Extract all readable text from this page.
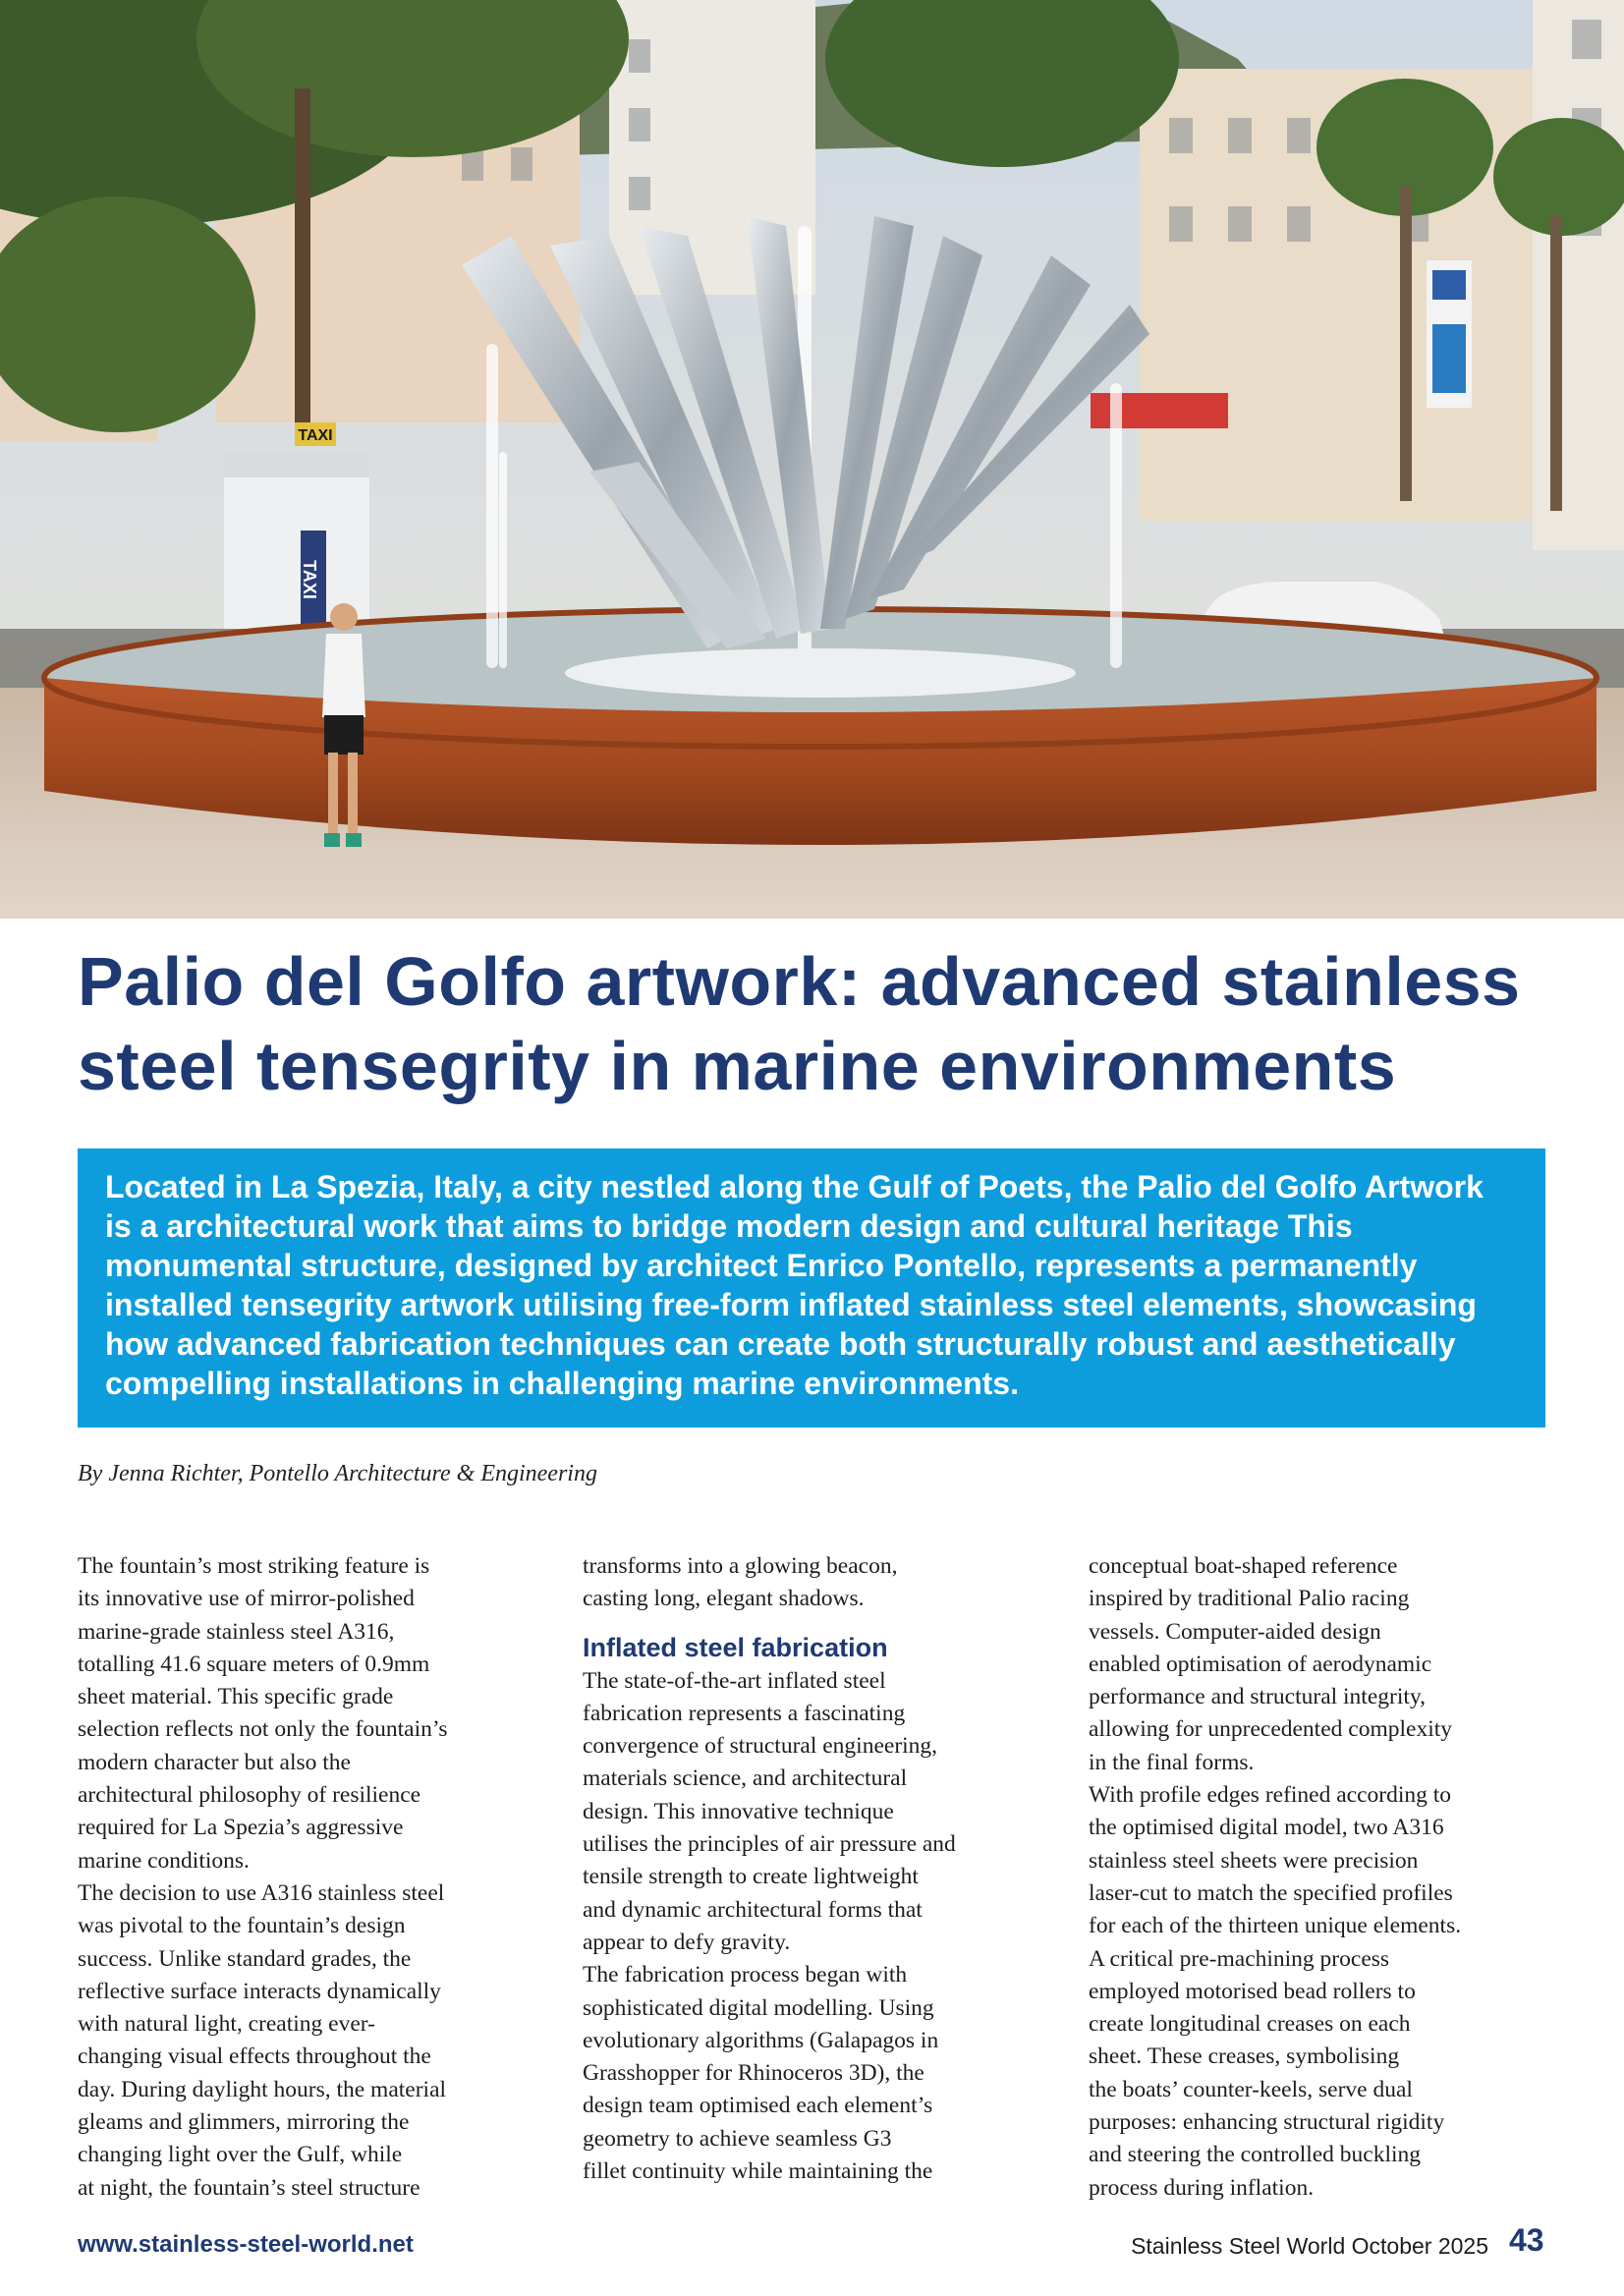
TAXI
TAXI
Palio del Golfo artwork: advanced stainless
steel tensegrity in marine environments

Located in La Spezia, Italy, a city nestled along the Gulf of Poets, the Palio del Golfo Artwork is a architectural work that aims to bridge modern design and cultural heritage This monumental structure, designed by architect Enrico Pontello, represents a permanently installed tensegrity artwork utilising free-form inflated stainless steel elements, showcasing how advanced fabrication techniques can create both structurally robust and aesthetically compelling installations in challenging marine environments.

By Jenna Richter, Pontello Architecture & Engineering

The fountain’s most striking feature is
its innovative use of mirror-polished
marine-grade stainless steel A316,
totalling 41.6 square meters of 0.9mm
sheet material. This specific grade
selection reflects not only the fountain’s
modern character but also the
architectural philosophy of resilience
required for La Spezia’s aggressive
marine conditions.

The decision to use A316 stainless steel
was pivotal to the fountain’s design
success. Unlike standard grades, the
reflective surface interacts dynamically
with natural light, creating ever-
changing visual effects throughout the
day. During daylight hours, the material
gleams and glimmers, mirroring the
changing light over the Gulf, while
at night, the fountain’s steel structure

transforms into a glowing beacon,
casting long, elegant shadows.

Inflated steel fabrication

The state-of-the-art inflated steel
fabrication represents a fascinating
convergence of structural engineering,
materials science, and architectural
design. This innovative technique
utilises the principles of air pressure and
tensile strength to create lightweight
and dynamic architectural forms that
appear to defy gravity.

The fabrication process began with
sophisticated digital modelling. Using
evolutionary algorithms (Galapagos in
Grasshopper for Rhinoceros 3D), the
design team optimised each element’s
geometry to achieve seamless G3
fillet continuity while maintaining the

conceptual boat-shaped reference
inspired by traditional Palio racing
vessels. Computer-aided design
enabled optimisation of aerodynamic
performance and structural integrity,
allowing for unprecedented complexity
in the final forms.

With profile edges refined according to
the optimised digital model, two A316
stainless steel sheets were precision
laser-cut to match the specified profiles
for each of the thirteen unique elements.
A critical pre-machining process
employed motorised bead rollers to
create longitudinal creases on each
sheet. These creases, symbolising
the boats’ counter-keels, serve dual
purposes: enhancing structural rigidity
and steering the controlled buckling
process during inflation.

www.stainless-steel-world.net	Stainless Steel World October 2025 43
